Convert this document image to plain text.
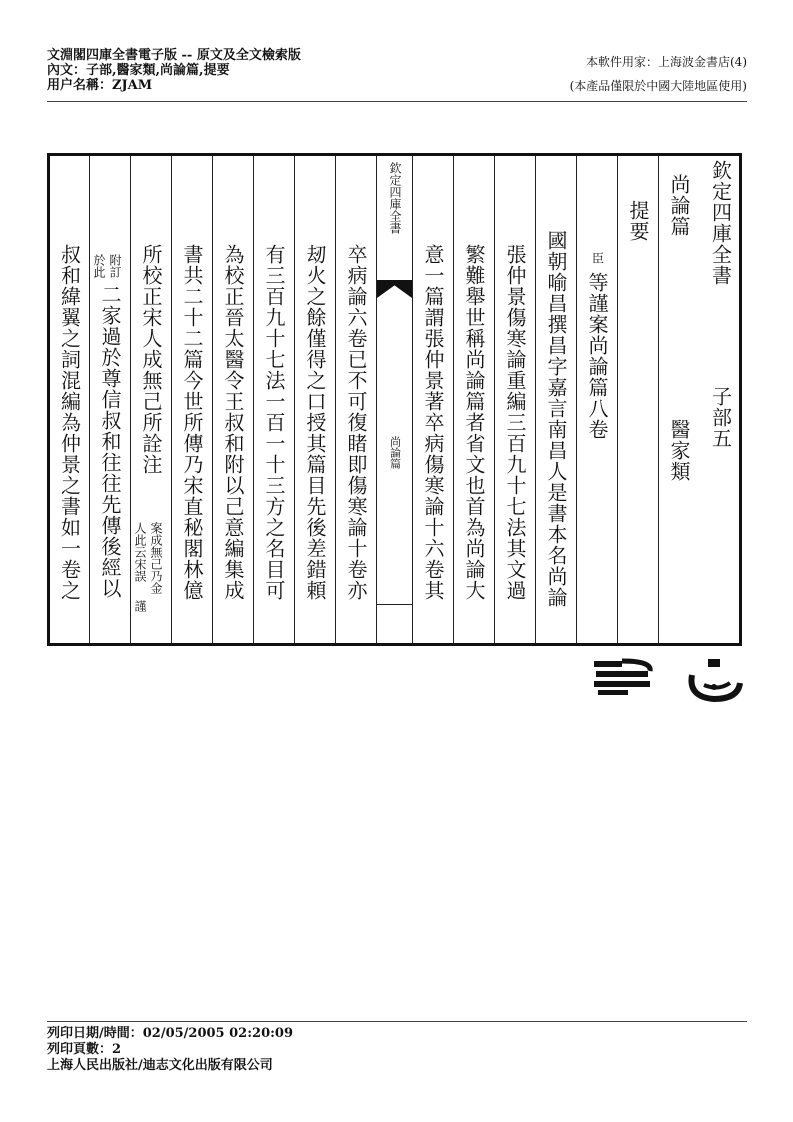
文淵閣四庫全書電子版 -- 原文及全文檢索版
內文：子部,醫家類,尚論篇,提要
用户名稱：ZJAM
本軟件用家：上海波金書店(4)
(本產品僅限於中國大陸地區使用)
欽定四庫全書
子部五
尚論篇
醫家類
提要
臣
等謹案尚論篇八卷
國朝喻昌撰昌字嘉言南昌人是書本名尚論
張仲景傷寒論重編三百九十七法其文過
繁難舉世稱尚論篇者省文也首為尚論大
意一篇謂張仲景著卒病傷寒論十六卷其
欽定四庫全書
尚論篇
卒病論六卷已不可復睹即傷寒論十卷亦
刼火之餘僅得之口授其篇目先後差錯頼
有三百九十七法一百一十三方之名目可
為校正晉太醫令王叔和附以己意編集成
書共二十二篇今世所傳乃宋直秘閣林億
所校正宋人成無己所詮注
案成無己乃金
人此云宋誤
謹
附訂
於此
二家過於尊信叔和往往先傳後經以
叔和緯翼之詞混編為仲景之書如一卷之
列印日期/時間：02/05/2005 02:20:09
列印頁數：2
上海人民出版社/迪志文化出版有限公司
